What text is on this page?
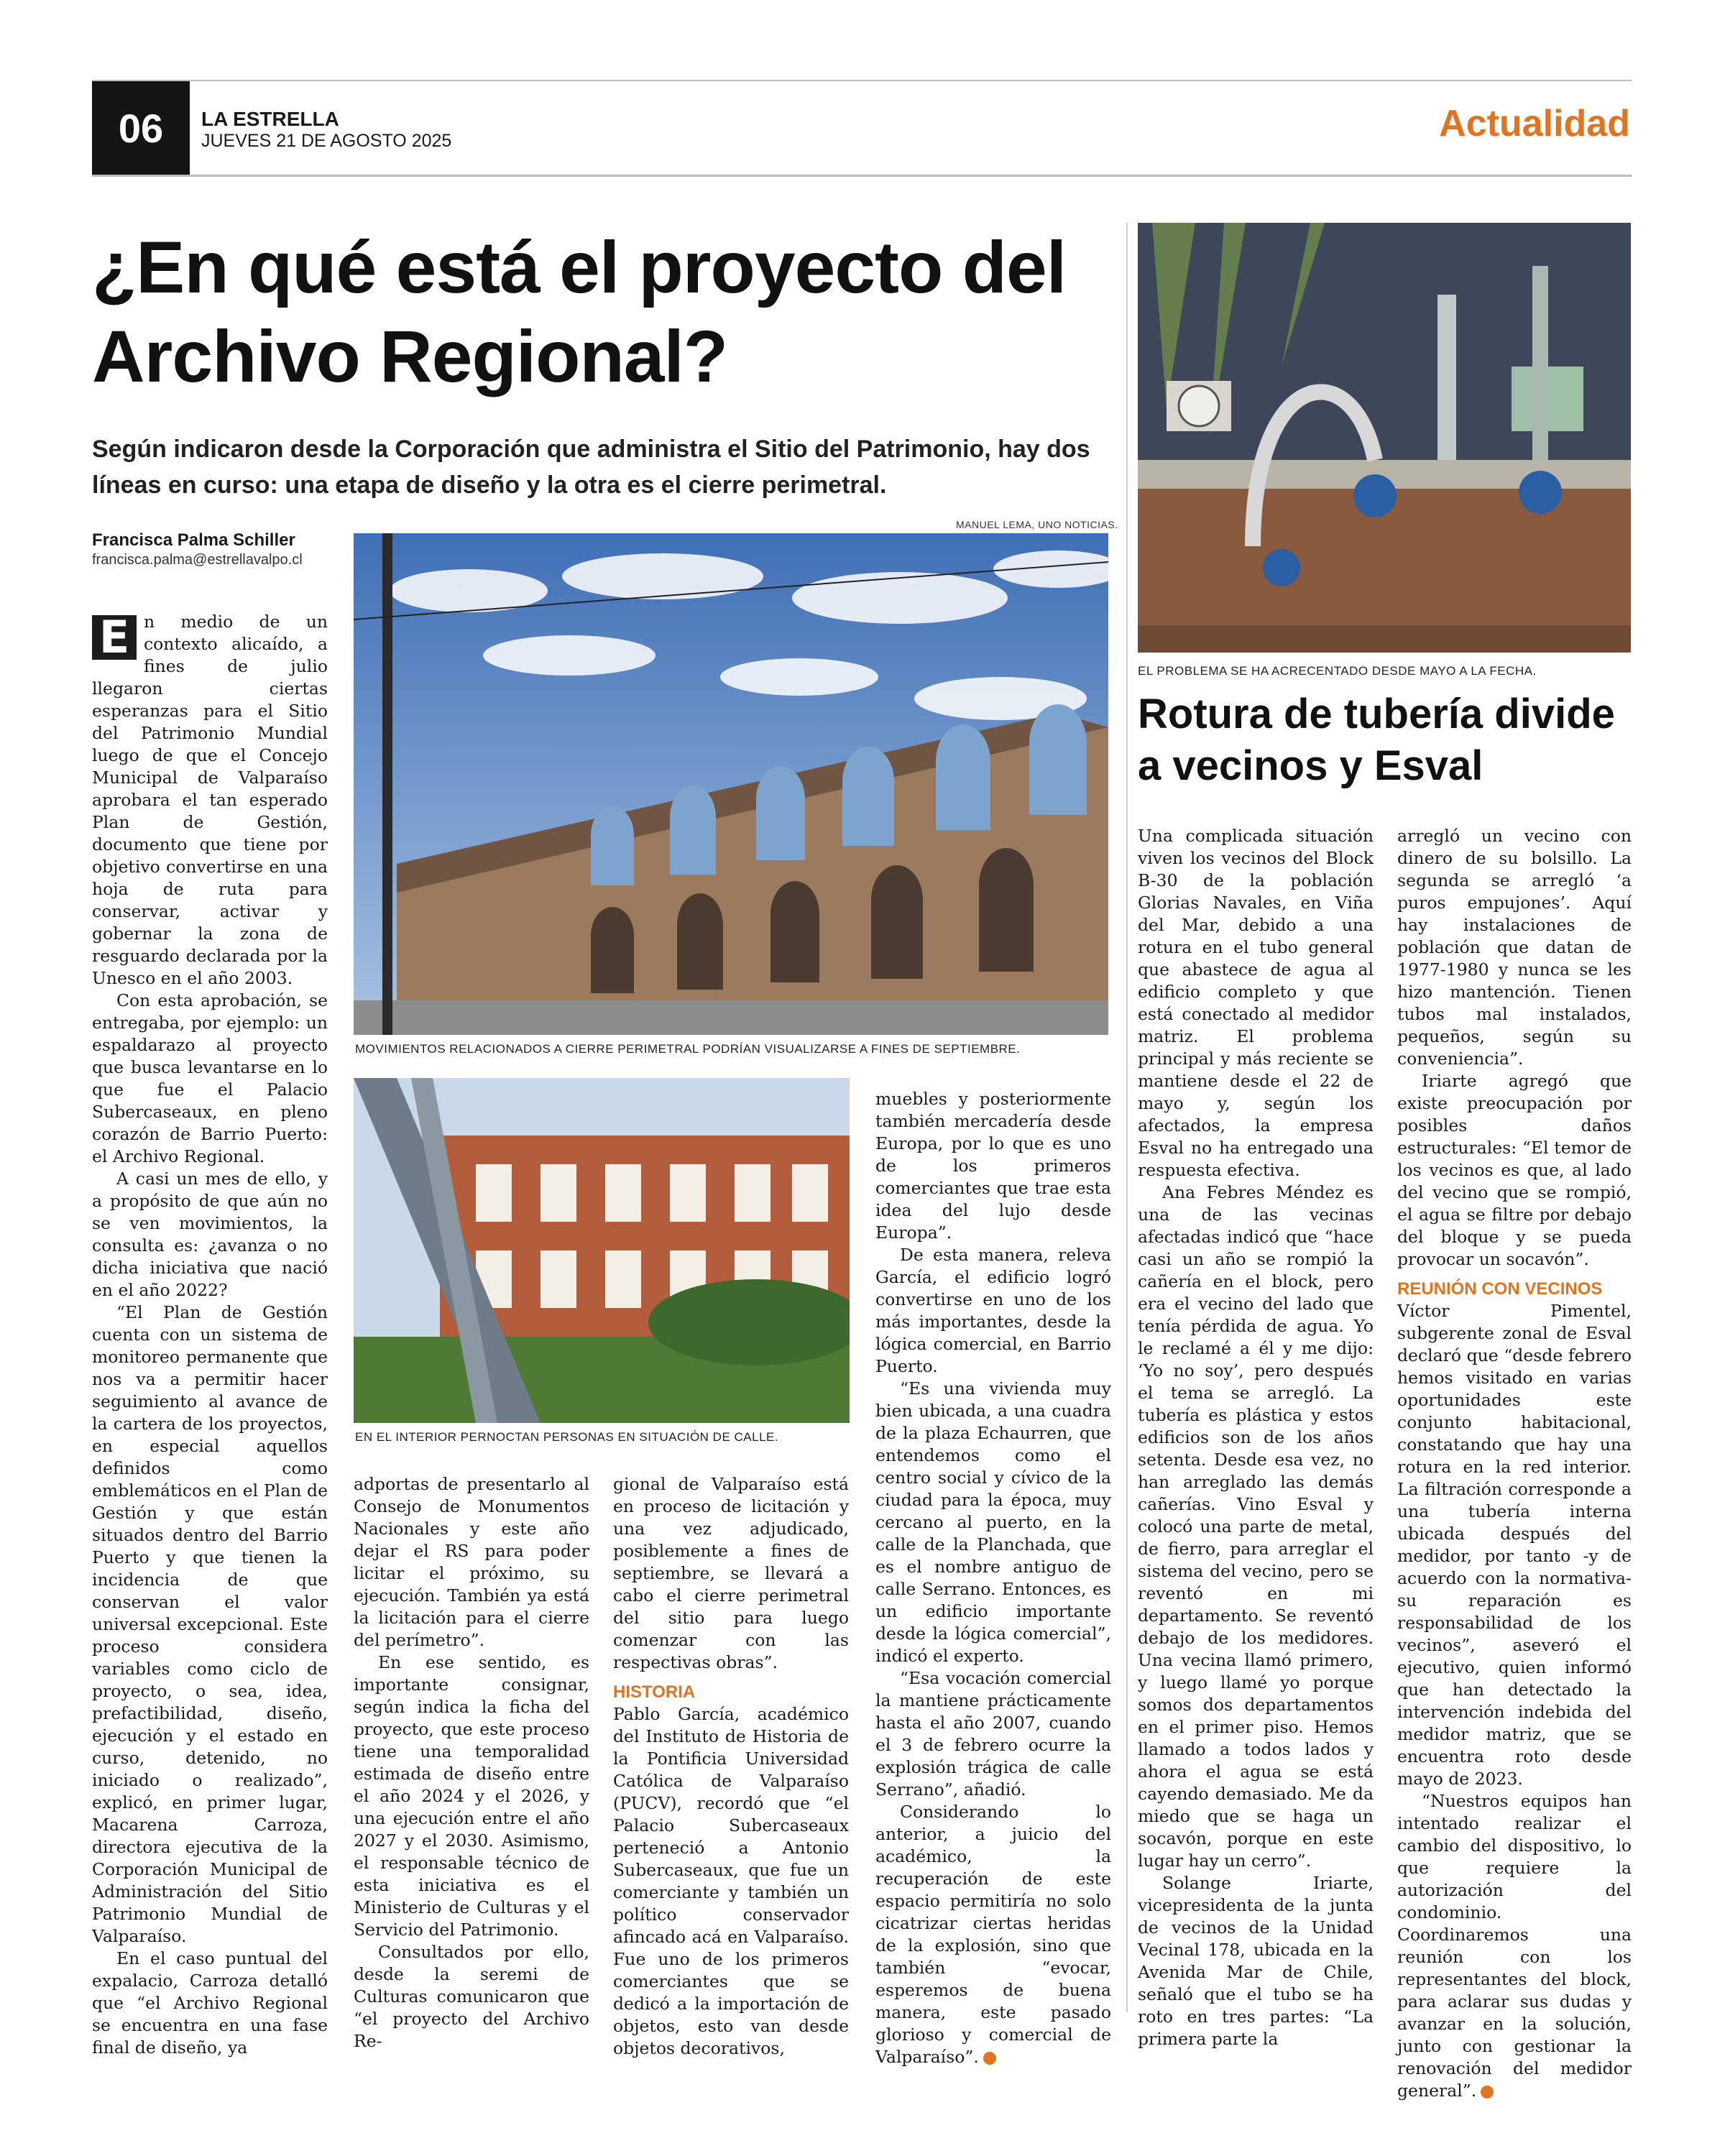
06	LA ESTRELLA
JUEVES 21 DE AGOSTO 2025	Actualidad
¿En qué está el proyecto del Archivo Regional?
Según indicaron desde la Corporación que administra el Sitio del Patrimonio, hay dos líneas en curso: una etapa de diseño y la otra es el cierre perimetral.
Francisca Palma Schiller
francisca.palma@estrellavalpo.cl
MANUEL LEMA, UNO NOTICIAS.
MOVIMIENTOS RELACIONADOS A CIERRE PERIMETRAL PODRÍAN VISUALIZARSE A FINES DE SEPTIEMBRE.
EN EL INTERIOR PERNOCTAN PERSONAS EN SITUACIÓN DE CALLE.

E n medio de un contexto alicaído, a fines de julio llegaron ciertas esperanzas para el Sitio del Patrimonio Mundial luego de que el Concejo Municipal de Valparaíso aprobara el tan esperado Plan de Gestión, documento que tiene por objetivo convertirse en una hoja de ruta para conservar, activar y gobernar la zona de resguardo declarada por la Unesco en el año 2003.

Con esta aprobación, se entregaba, por ejemplo: un espaldarazo al proyecto que busca levantarse en lo que fue el Palacio Subercaseaux, en pleno corazón de Barrio Puerto: el Archivo Regional.

A casi un mes de ello, y a propósito de que aún no se ven movimientos, la consulta es: ¿avanza o no dicha iniciativa que nació en el año 2022?

“El Plan de Gestión cuenta con un sistema de monitoreo permanente que nos va a permitir hacer seguimiento al avance de la cartera de los proyectos, en especial aquellos definidos como emblemáticos en el Plan de Gestión y que están situados dentro del Barrio Puerto y que tienen la incidencia de que conservan el valor universal excepcional. Este proceso considera variables como ciclo de proyecto, o sea, idea, prefactibilidad, diseño, ejecución y el estado en curso, detenido, no iniciado o realizado”, explicó, en primer lugar, Macarena Carroza, directora ejecutiva de la Corporación Municipal de Administración del Sitio Patrimonio Mundial de Valparaíso.

En el caso puntual del expalacio, Carroza detalló que “el Archivo Regional se encuentra en una fase final de diseño, ya

adportas de presentarlo al Consejo de Monumentos Nacionales y este año dejar el RS para poder licitar el próximo, su ejecución. También ya está la licitación para el cierre del perímetro”.

En ese sentido, es importante consignar, según indica la ficha del proyecto, que este proceso tiene una temporalidad estimada de diseño entre el año 2024 y el 2026, y una ejecución entre el año 2027 y el 2030. Asimismo, el responsable técnico de esta iniciativa es el Ministerio de Culturas y el Servicio del Patrimonio.

Consultados por ello, desde la seremi de Culturas comunicaron que “el proyecto del Archivo Re-

gional de Valparaíso está en proceso de licitación y una vez adjudicado, posiblemente a fines de septiembre, se llevará a cabo el cierre perimetral del sitio para luego comenzar con las respectivas obras”.

HISTORIA

Pablo García, académico del Instituto de Historia de la Pontificia Universidad Católica de Valparaíso (PUCV), recordó que “el Palacio Subercaseaux perteneció a Antonio Subercaseaux, que fue un comerciante y también un político conservador afincado acá en Valparaíso. Fue uno de los primeros comerciantes que se dedicó a la importación de objetos, esto van desde objetos decorativos,

muebles y posteriormente también mercadería desde Europa, por lo que es uno de los primeros comerciantes que trae esta idea del lujo desde Europa”.

De esta manera, releva García, el edificio logró convertirse en uno de los más importantes, desde la lógica comercial, en Barrio Puerto.

“Es una vivienda muy bien ubicada, a una cuadra de la plaza Echaurren, que entendemos como el centro social y cívico de la ciudad para la época, muy cercano al puerto, en la calle de la Planchada, que es el nombre antiguo de calle Serrano. Entonces, es un edificio importante desde la lógica comercial”, indicó el experto.

“Esa vocación comercial la mantiene prácticamente hasta el año 2007, cuando el 3 de febrero ocurre la explosión trágica de calle Serrano”, añadió.

Considerando lo anterior, a juicio del académico, la recuperación de este espacio permitiría no solo cicatrizar ciertas heridas de la explosión, sino que también “evocar, esperemos de buena manera, este pasado glorioso y comercial de Valparaíso”.

EL PROBLEMA SE HA ACRECENTADO DESDE MAYO A LA FECHA.
Rotura de tubería divide a vecinos y Esval

Una complicada situación viven los vecinos del Block B-30 de la población Glorias Navales, en Viña del Mar, debido a una rotura en el tubo general que abastece de agua al edificio completo y que está conectado al medidor matriz. El problema principal y más reciente se mantiene desde el 22 de mayo y, según los afectados, la empresa Esval no ha entregado una respuesta efectiva.

Ana Febres Méndez es una de las vecinas afectadas indicó que “hace casi un año se rompió la cañería en el block, pero era el vecino del lado que tenía pérdida de agua. Yo le reclamé a él y me dijo: ‘Yo no soy’, pero después el tema se arregló. La tubería es plástica y estos edificios son de los años setenta. Desde esa vez, no han arreglado las demás cañerías. Vino Esval y colocó una parte de metal, de fierro, para arreglar el sistema del vecino, pero se reventó en mi departamento. Se reventó debajo de los medidores. Una vecina llamó primero, y luego llamé yo porque somos dos departamentos en el primer piso. Hemos llamado a todos lados y ahora el agua se está cayendo demasiado. Me da miedo que se haga un socavón, porque en este lugar hay un cerro”.

Solange Iriarte, vicepresidenta de la junta de vecinos de la Unidad Vecinal 178, ubicada en la Avenida Mar de Chile, señaló que el tubo se ha roto en tres partes: “La primera parte la

arregló un vecino con dinero de su bolsillo. La segunda se arregló ‘a puros empujones’. Aquí hay instalaciones de población que datan de 1977-1980 y nunca se les hizo mantención. Tienen tubos mal instalados, pequeños, según su conveniencia”.

Iriarte agregó que existe preocupación por posibles daños estructurales: “El temor de los vecinos es que, al lado del vecino que se rompió, el agua se filtre por debajo del bloque y se pueda provocar un socavón”.

REUNIÓN CON VECINOS

Víctor Pimentel, subgerente zonal de Esval declaró que “desde febrero hemos visitado en varias oportunidades este conjunto habitacional, constatando que hay una rotura en la red interior. La filtración corresponde a una tubería interna ubicada después del medidor, por tanto -y de acuerdo con la normativa- su reparación es responsabilidad de los vecinos”, aseveró el ejecutivo, quien informó que han detectado la intervención indebida del medidor matriz, que se encuentra roto desde mayo de 2023.

“Nuestros equipos han intentado realizar el cambio del dispositivo, lo que requiere la autorización del condominio. Coordinaremos una reunión con los representantes del block, para aclarar sus dudas y avanzar en la solución, junto con gestionar la renovación del medidor general”.
